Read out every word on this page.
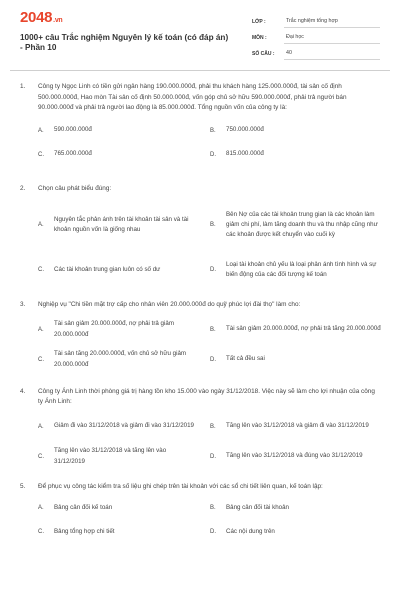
2048.vn
1000+ câu Trắc nghiệm Nguyên lý kế toán (có đáp án) - Phần 10
LỚP :	Trắc nghiệm tổng hợp
MÔN :	Đại học
SỐ CÂU :	40
1. Công ty Ngọc Linh có tiền gửi ngân hàng 190.000.000đ, phải thu khách hàng 125.000.000đ, tài sản cố định 500.000.000đ, Hao mòn Tài sản cố định 50.000.000đ, vốn góp chủ sở hữu 590.000.000đ, phải trả người bán 90.000.000đ và phải trả người lao động là 85.000.000đ. Tổng nguồn vốn của công ty là:
A.	590.000.000đ	B.	750.000.000đ
C.	765.000.000đ	D.	815.000.000đ
2. Chọn câu phát biểu đúng:
A.
Nguyên tắc phản ánh trên tài khoản tài sản và tài khoản nguồn vốn là giống nhau
B.
Bên Nợ của các tài khoản trung gian là các khoản làm giảm chi phí, làm tăng doanh thu và thu nhập cũng như các khoản được kết chuyển vào cuối kỳ
C.	Các tài khoản trung gian luôn có số dư	D.
Loại tài khoản chủ yếu là loại phản ánh tình hình và sự biến động của các đối tượng kế toán
3. Nghiệp vụ "Chi tiền mặt trợ cấp cho nhân viên 20.000.000đ do quỹ phúc lợi đài thọ" làm cho:
A.
Tài sản giảm 20.000.000đ, nợ phải trả giảm 20.000.000đ
B.	Tài sản giảm 20.000.000đ, nợ phải trả tăng 20.000.000đ
C.
Tài sản tăng 20.000.000đ, vốn chủ sở hữu giảm 20.000.000đ
D.	Tất cả đều sai
4. Công ty Ánh Linh thời phòng giá trị hàng tồn kho 15.000 vào ngày 31/12/2018. Việc này sẽ làm cho lợi nhuận của công ty Ánh Linh:
A.	Giảm đi vào 31/12/2018 và giảm đi vào 31/12/2019	B.	Tăng lên vào 31/12/2018 và giảm đi vào 31/12/2019
C.
Tăng lên vào 31/12/2018 và tăng lên vào 31/12/2019
D.	Tăng lên vào 31/12/2018 và đúng vào 31/12/2019
5. Để phục vụ công tác kiểm tra số liệu ghi chép trên tài khoản với các sổ chi tiết liên quan, kế toán lập:
A.	Bảng cân đối kế toán	B.	Bảng cân đối tài khoản
C.	Bảng tổng hợp chi tiết	D.	Các nội dung trên
